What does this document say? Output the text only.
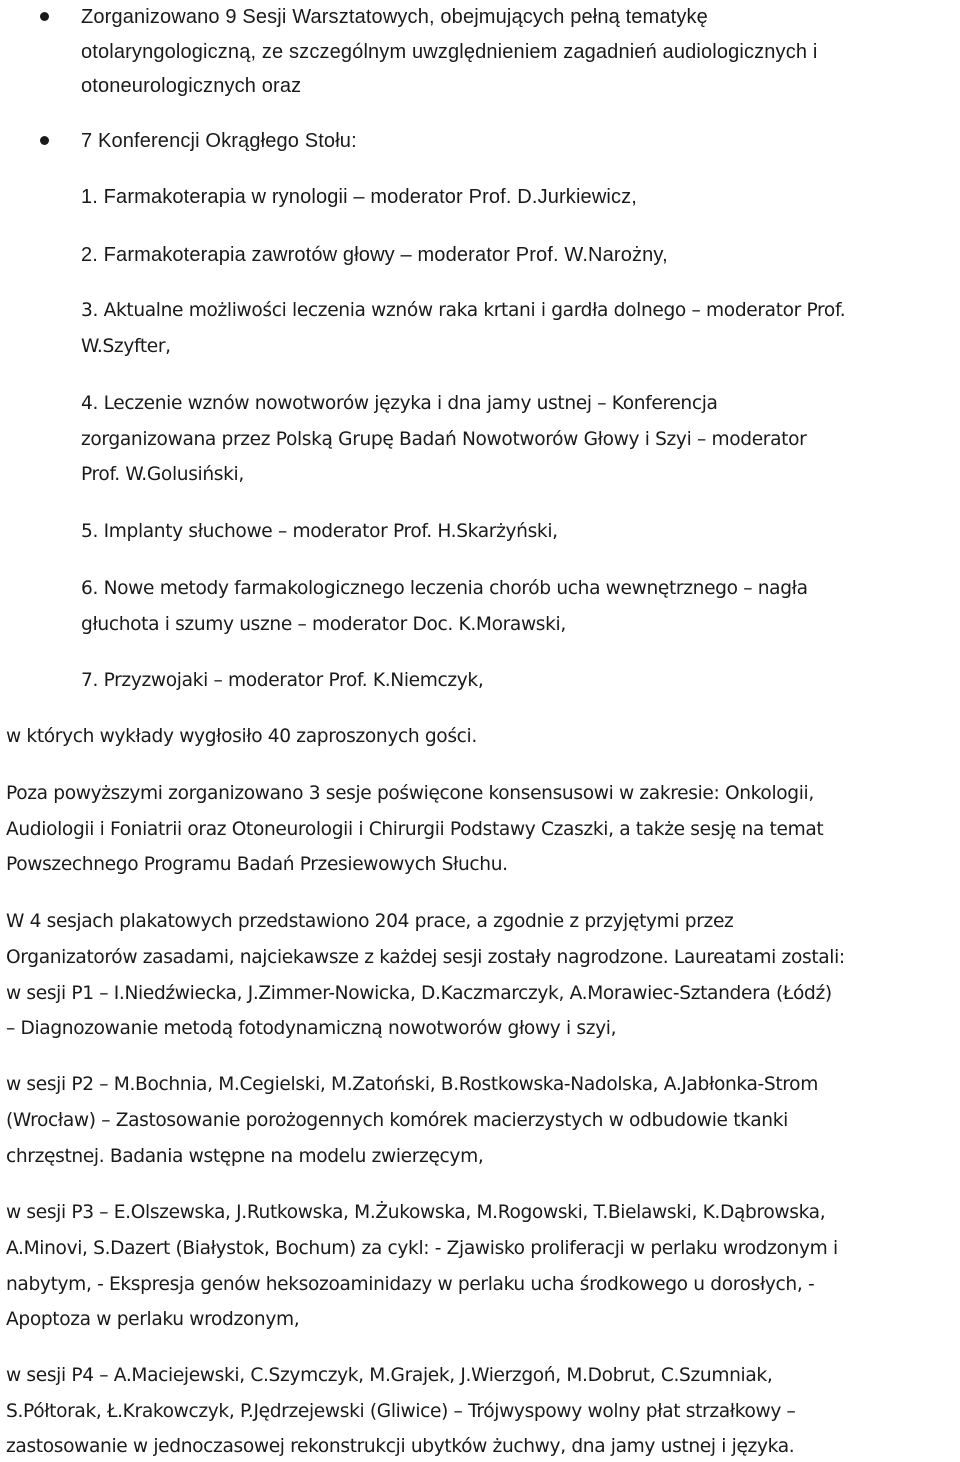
Zorganizowano 9 Sesji Warsztatowych, obejmujących pełną tematykę
otolaryngologiczną, ze szczególnym uwzględnieniem zagadnień audiologicznych i
otoneurologicznych oraz
7 Konferencji Okrągłego Stołu:
1. Farmakoterapia w rynologii – moderator Prof. D.Jurkiewicz,
2. Farmakoterapia zawrotów głowy – moderator Prof. W.Narożny,
3. Aktualne możliwości leczenia wznów raka krtani i gardła dolnego – moderator Prof.
W.Szyfter,
4. Leczenie wznów nowotworów języka i dna jamy ustnej – Konferencja
zorganizowana przez Polską Grupę Badań Nowotworów Głowy i Szyi – moderator
Prof. W.Golusiński,
5. Implanty słuchowe – moderator Prof. H.Skarżyński,
6. Nowe metody farmakologicznego leczenia chorób ucha wewnętrznego – nagła
głuchota i szumy uszne – moderator Doc. K.Morawski,
7. Przyzwojaki – moderator Prof. K.Niemczyk,
w których wykłady wygłosiło 40 zaproszonych gości.
Poza powyższymi zorganizowano 3 sesje poświęcone konsensusowi w zakresie: Onkologii,
Audiologii i Foniatrii oraz Otoneurologii i Chirurgii Podstawy Czaszki, a także sesję na temat
Powszechnego Programu Badań Przesiewowych Słuchu.
W 4 sesjach plakatowych przedstawiono 204 prace, a zgodnie z przyjętymi przez
Organizatorów zasadami, najciekawsze z każdej sesji zostały nagrodzone. Laureatami zostali:
w sesji P1 – I.Niedźwiecka, J.Zimmer-Nowicka, D.Kaczmarczyk, A.Morawiec-Sztandera (Łódź)
– Diagnozowanie metodą fotodynamiczną nowotworów głowy i szyi,
w sesji P2 – M.Bochnia, M.Cegielski, M.Zatoński, B.Rostkowska-Nadolska, A.Jabłonka-Strom
(Wrocław) – Zastosowanie porożogennych komórek macierzystych w odbudowie tkanki
chrzęstnej. Badania wstępne na modelu zwierzęcym,
w sesji P3 – E.Olszewska, J.Rutkowska, M.Żukowska, M.Rogowski, T.Bielawski, K.Dąbrowska,
A.Minovi, S.Dazert (Białystok, Bochum) za cykl: - Zjawisko proliferacji w perlaku wrodzonym i
nabytym, - Ekspresja genów heksozoaminidazy w perlaku ucha środkowego u dorosłych, -
Apoptoza w perlaku wrodzonym,
w sesji P4 – A.Maciejewski, C.Szymczyk, M.Grajek, J.Wierzgoń, M.Dobrut, C.Szumniak,
S.Półtorak, Ł.Krakowczyk, P.Jędrzejewski (Gliwice) – Trójwyspowy wolny płat strzałkowy –
zastosowanie w jednoczasowej rekonstrukcji ubytków żuchwy, dna jamy ustnej i języka.
